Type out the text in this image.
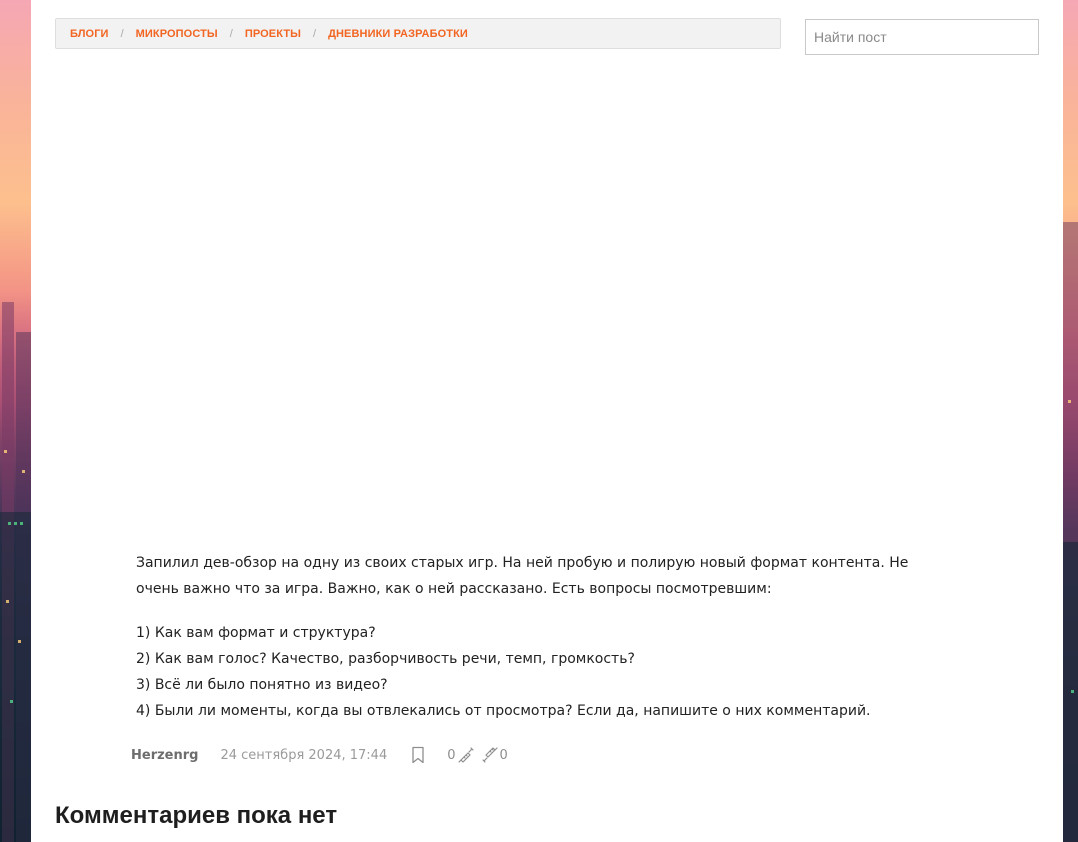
БЛОГИ / МИКРОПОСТЫ / ПРОЕКТЫ / ДНЕВНИКИ РАЗРАБОТКИ
Найти пост

Запилил дев-обзор на одну из своих старых игр. На ней пробую и полирую новый формат контента. Не

очень важно что за игра. Важно, как о ней рассказано. Есть вопросы посмотревшим:

1) Как вам формат и структура?

2) Как вам голос? Качество, разборчивость речи, темп, громкость?

3) Всё ли было понятно из видео?

4) Были ли моменты, когда вы отвлекались от просмотра? Если да, напишите о них комментарий.

Herzenrg 24 сентября 2024, 17:44	0	0
Комментариев пока нет
